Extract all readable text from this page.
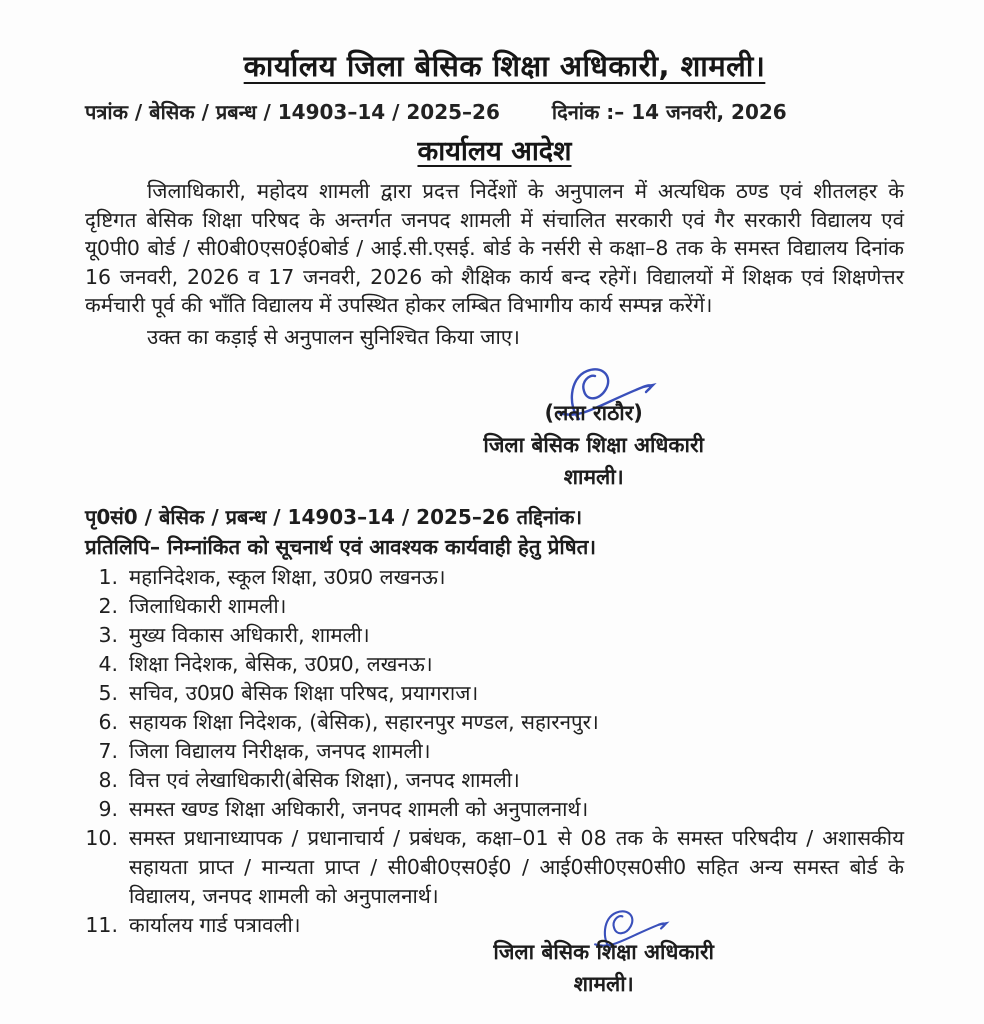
कार्यालय जिला बेसिक शिक्षा अधिकारी, शामली।
पत्रांक / बेसिक / प्रबन्ध / 14903–14 / 2025–26	दिनांक :– 14 जनवरी, 2026
कार्यालय आदेश
जिलाधिकारी, महोदय शामली द्वारा प्रदत्त निर्देशों के अनुपालन में अत्यधिक ठण्ड एवं शीतलहर के दृष्टिगत बेसिक शिक्षा परिषद के अन्तर्गत जनपद शामली में संचालित सरकारी एवं गैर सरकारी विद्यालय एवं यू0पी0 बोर्ड / सी0बी0एस0ई0बोर्ड / आई.सी.एसई. बोर्ड के नर्सरी से कक्षा–8 तक के समस्त विद्यालय दिनांक 16 जनवरी, 2026 व 17 जनवरी, 2026 को शैक्षिक कार्य बन्द रहेगें। विद्यालयों में शिक्षक एवं शिक्षणेत्तर कर्मचारी पूर्व की भाँति विद्यालय में उपस्थित होकर लम्बित विभागीय कार्य सम्पन्न करेंगें।
उक्त का कड़ाई से अनुपालन सुनिश्चित किया जाए।
(लता राठौर)
जिला बेसिक शिक्षा अधिकारी
शामली।
पृ0सं0 / बेसिक / प्रबन्ध / 14903–14 / 2025–26 तद्दिनांक।
प्रतिलिपि– निम्नांकित को सूचनार्थ एवं आवश्यक कार्यवाही हेतु प्रेषित।
1. महानिदेशक, स्कूल शिक्षा, उ0प्र0 लखनऊ।
2. जिलाधिकारी शामली।
3. मुख्य विकास अधिकारी, शामली।
4. शिक्षा निदेशक, बेसिक, उ0प्र0, लखनऊ।
5. सचिव, उ0प्र0 बेसिक शिक्षा परिषद, प्रयागराज।
6. सहायक शिक्षा निदेशक, (बेसिक), सहारनपुर मण्डल, सहारनपुर।
7. जिला विद्यालय निरीक्षक, जनपद शामली।
8. वित्त एवं लेखाधिकारी(बेसिक शिक्षा), जनपद शामली।
9. समस्त खण्ड शिक्षा अधिकारी, जनपद शामली को अनुपालनार्थ।
10. समस्त प्रधानाध्यापक / प्रधानाचार्य / प्रबंधक, कक्षा–01 से 08 तक के समस्त परिषदीय / अशासकीय सहायता प्राप्त / मान्यता प्राप्त / सी0बी0एस0ई0 / आई0सी0एस0सी0 सहित अन्य समस्त बोर्ड के विद्यालय, जनपद शामली को अनुपालनार्थ।
11. कार्यालय गार्ड पत्रावली।
जिला बेसिक शिक्षा अधिकारी
शामली।
